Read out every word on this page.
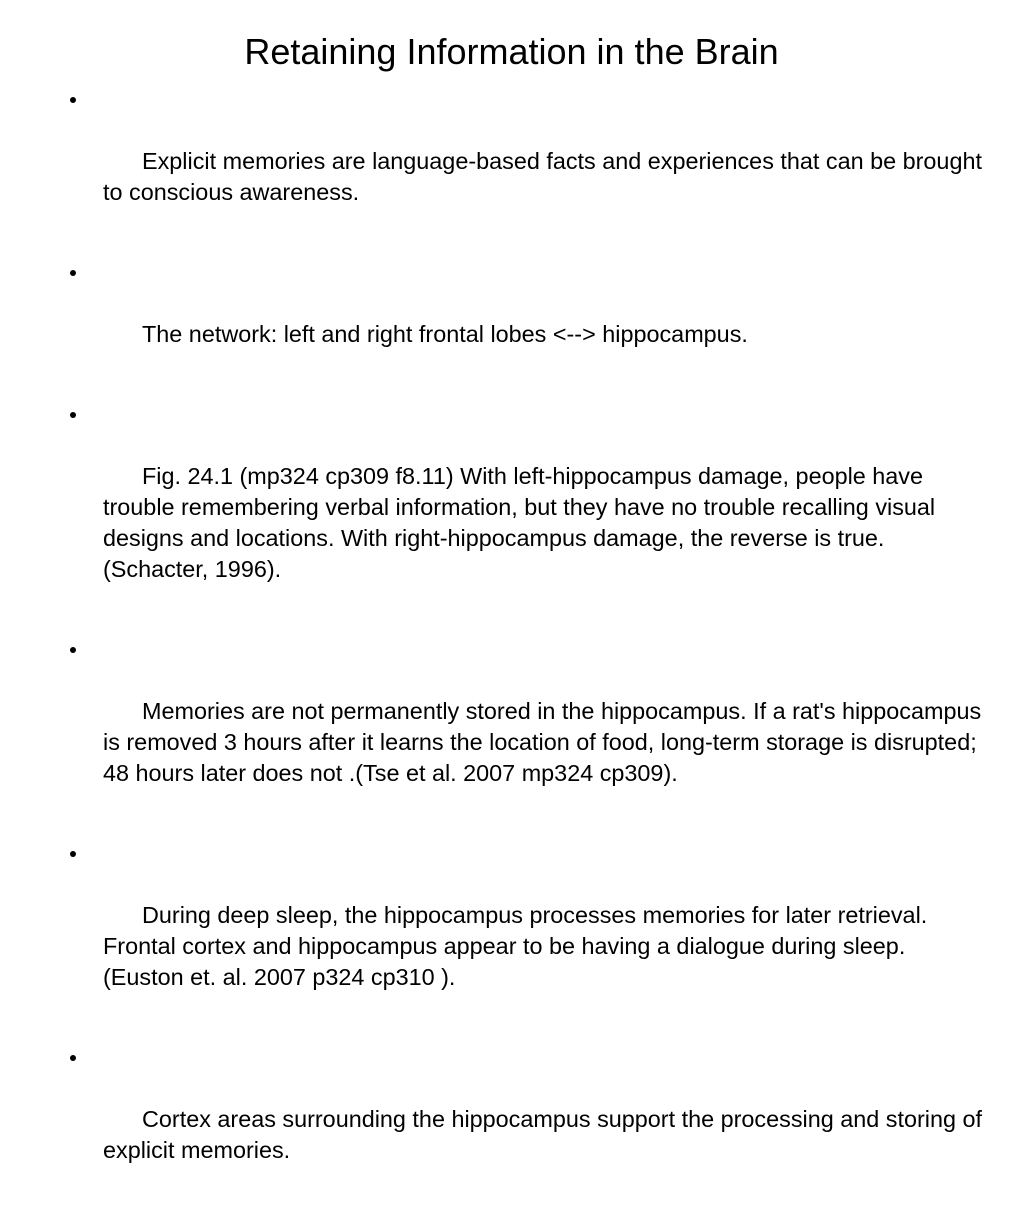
Retaining Information in the Brain

Explicit memories are language-based facts and experiences that can be brought to conscious awareness.

The network: left and right frontal lobes <--> hippocampus.

Fig. 24.1 (mp324 cp309 f8.11) With left-hippocampus damage, people have trouble remembering verbal information, but they have no trouble recalling visual designs and locations. With right-hippocampus damage, the reverse is true. (Schacter, 1996).

Memories are not permanently stored in the hippocampus. If a rat's hippocampus is removed 3 hours after it learns the location of food, long-term storage is disrupted; 48 hours later does not .(Tse et al. 2007 mp324 cp309).

During deep sleep, the hippocampus processes memories for later retrieval.  Frontal cortex and hippocampus appear to be having a dialogue during sleep. (Euston et. al. 2007 p324 cp310 ).

Cortex areas surrounding the hippocampus support the processing and storing of explicit memories.
